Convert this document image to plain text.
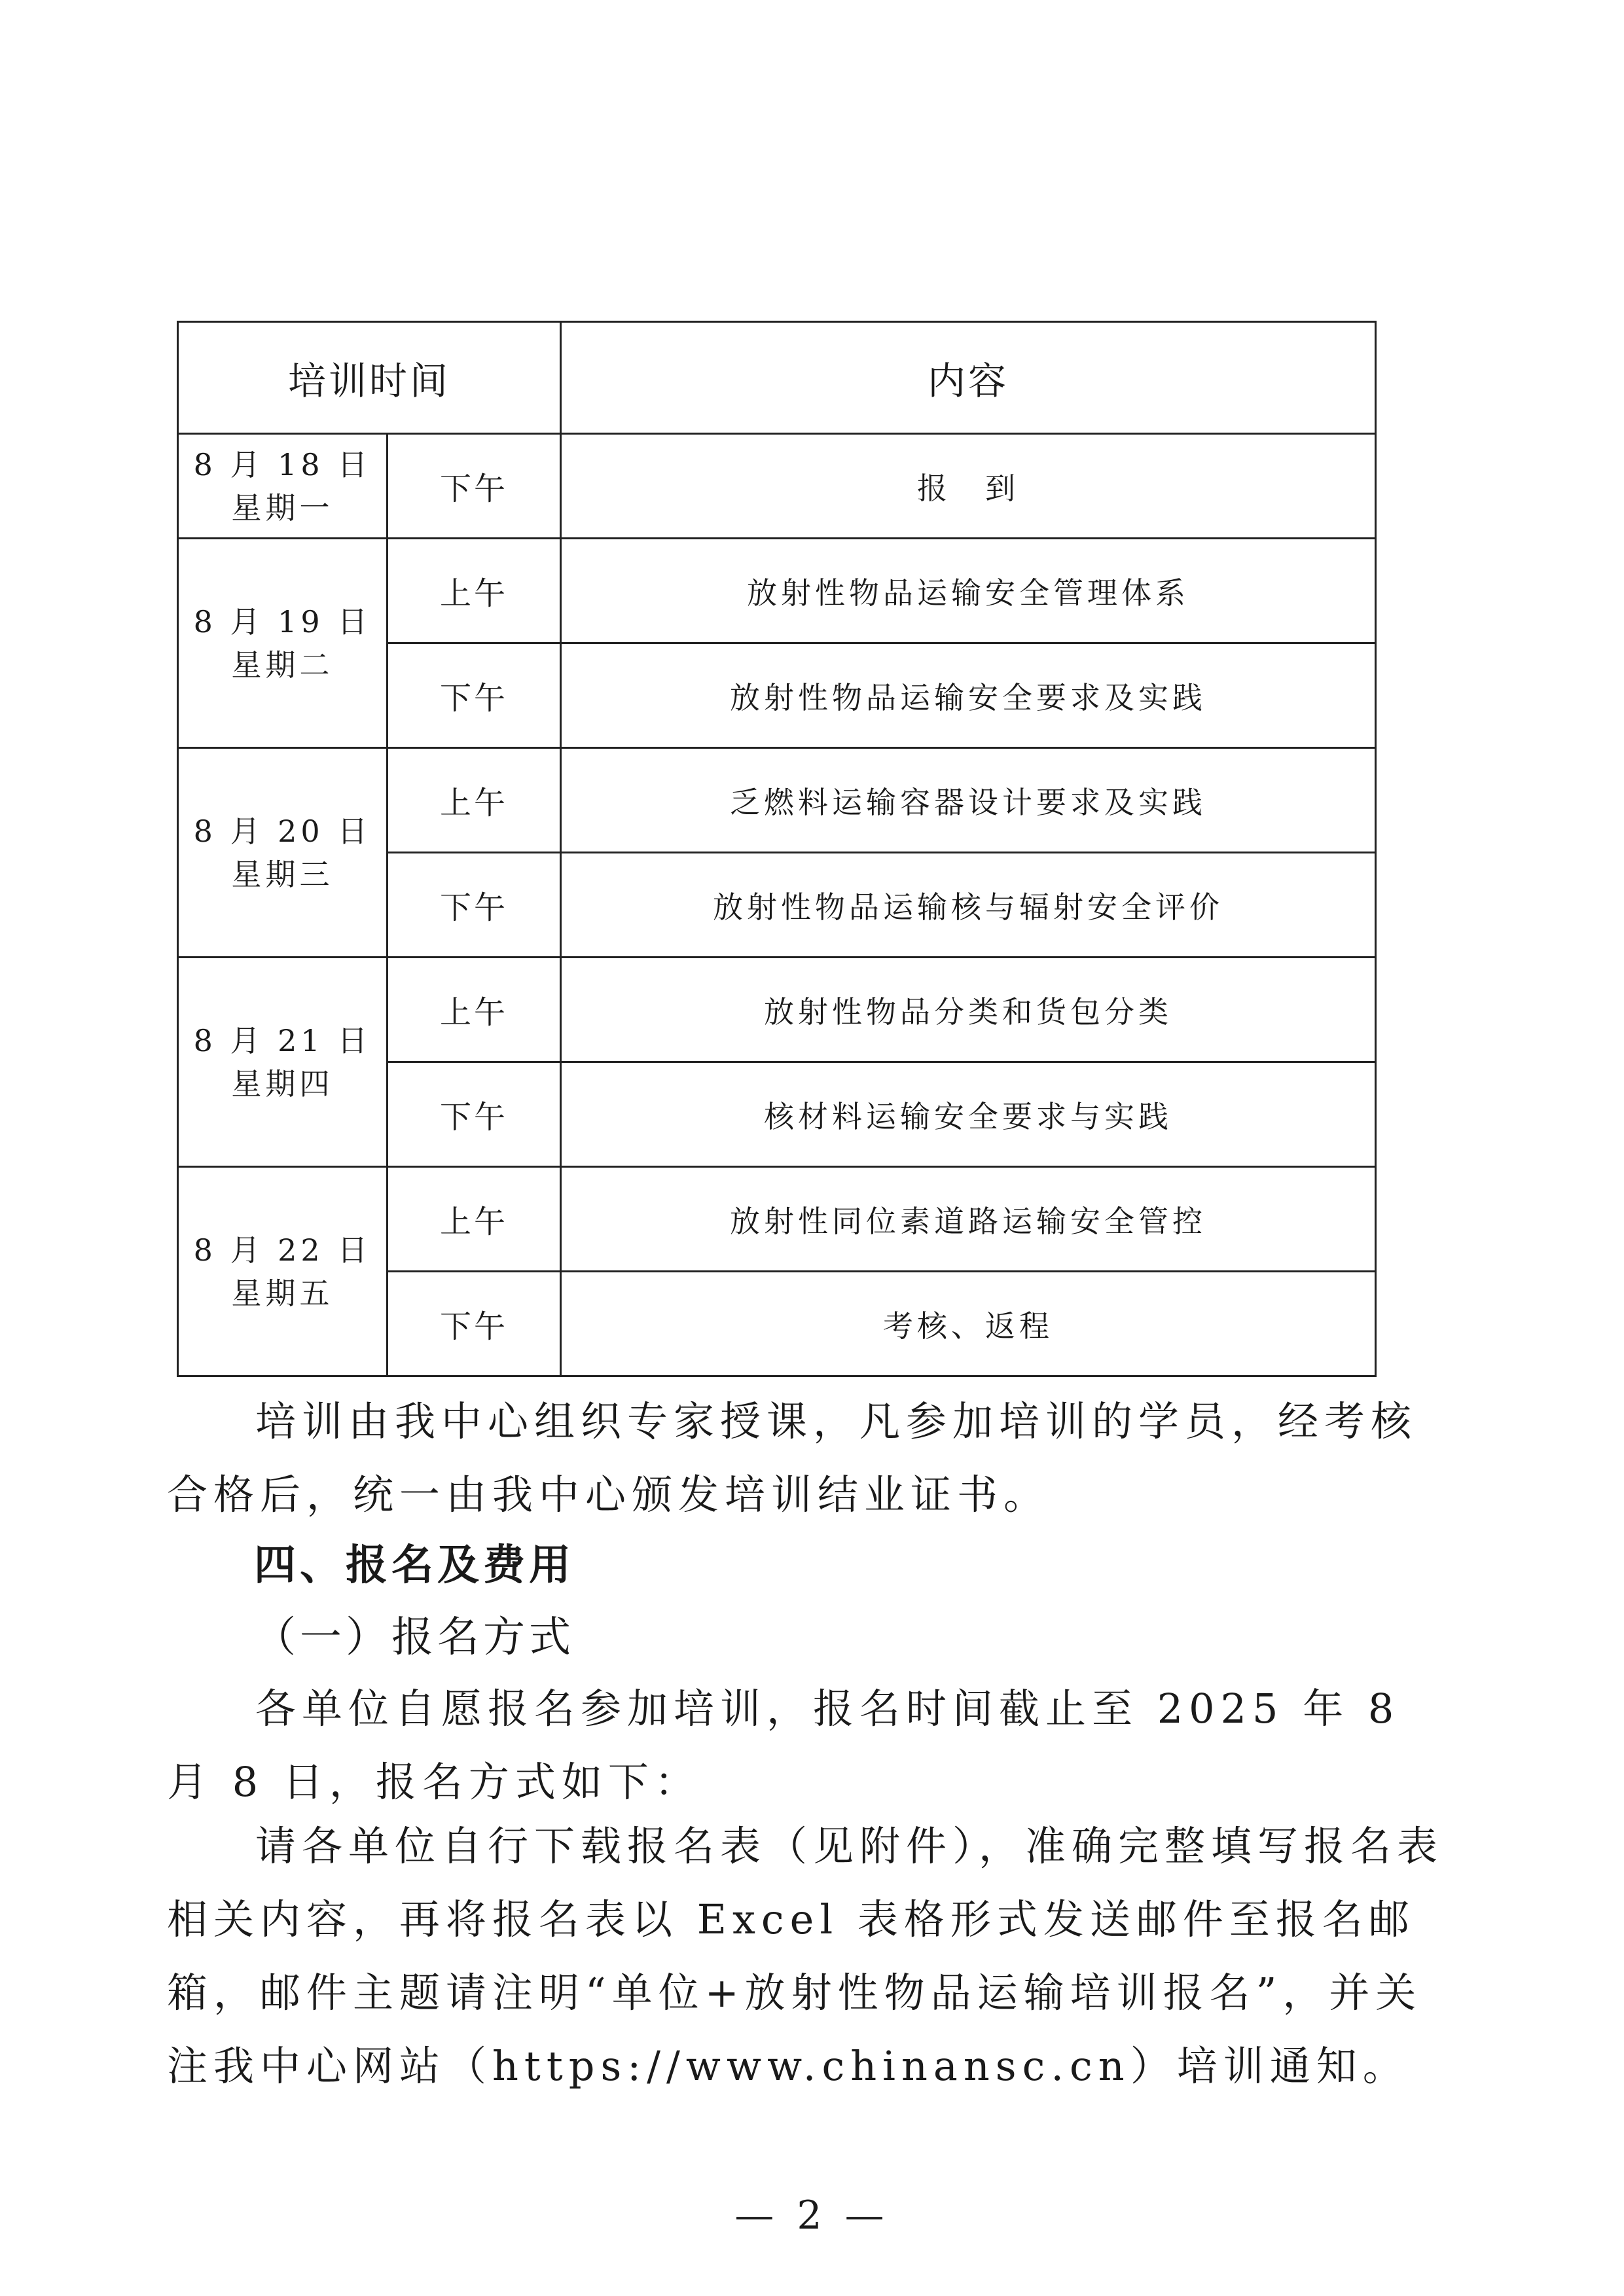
培训时间		内容

8 月 18 日
星期一	下午	报　到

8 月 19 日
星期二	上午	放射性物品运输安全管理体系
	下午	放射性物品运输安全要求及实践

8 月 20 日
星期三	上午	乏燃料运输容器设计要求及实践
	下午	放射性物品运输核与辐射安全评价

8 月 21 日
星期四	上午	放射性物品分类和货包分类
	下午	核材料运输安全要求与实践

8 月 22 日
星期五	上午	放射性同位素道路运输安全管控
	下午	考核、返程

培训由我中心组织专家授课，凡参加培训的学员，经考核合格后，统一由我中心颁发培训结业证书。

四、报名及费用

（一）报名方式

各单位自愿报名参加培训，报名时间截止至 2025 年 8 月 8 日，报名方式如下：

请各单位自行下载报名表（见附件），准确完整填写报名表相关内容，再将报名表以 Excel 表格形式发送邮件至报名邮箱，邮件主题请注明“单位+放射性物品运输培训报名”，并关注我中心网站（https://www.chinansc.cn）培训通知。

— 2 —
